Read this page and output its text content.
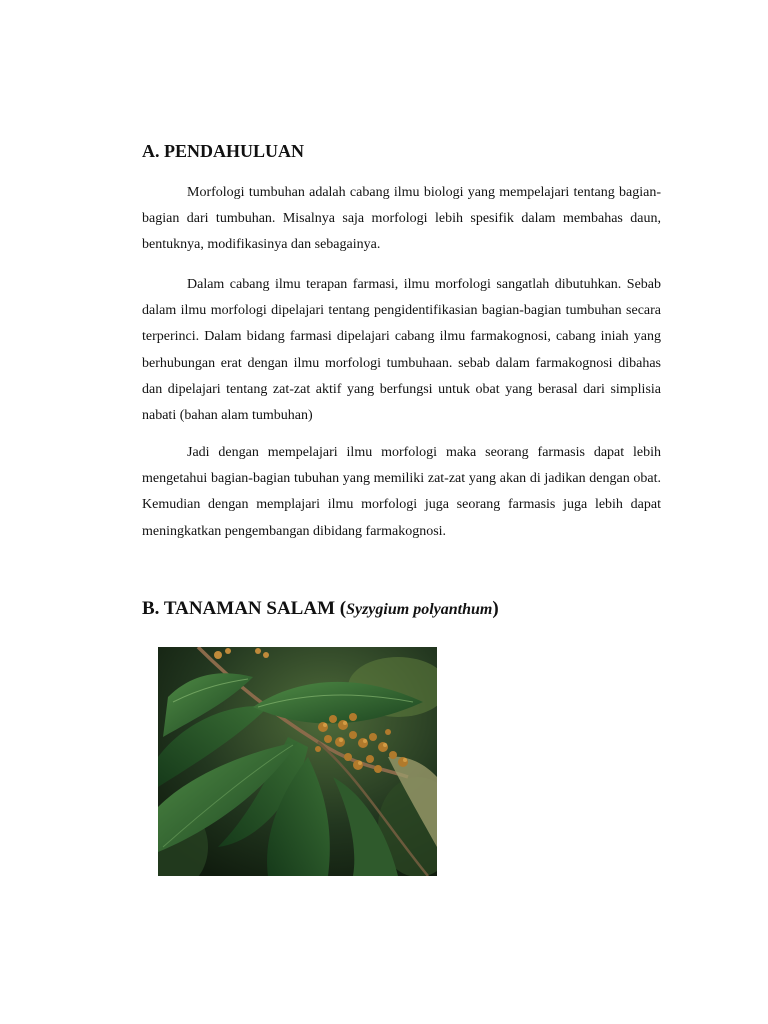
A. PENDAHULUAN

Morfologi tumbuhan adalah cabang ilmu biologi yang mempelajari tentang bagian-bagian dari tumbuhan. Misalnya saja morfologi lebih spesifik dalam membahas daun, bentuknya, modifikasinya dan sebagainya.

Dalam cabang ilmu terapan farmasi, ilmu morfologi sangatlah dibutuhkan. Sebab dalam ilmu morfologi dipelajari tentang pengidentifikasian bagian-bagian tumbuhan secara terperinci. Dalam bidang farmasi dipelajari cabang ilmu farmakognosi, cabang iniah yang berhubungan erat dengan ilmu morfologi tumbuhaan. sebab dalam farmakognosi dibahas dan dipelajari tentang zat-zat aktif yang berfungsi untuk obat yang berasal dari simplisia nabati (bahan alam tumbuhan)

Jadi dengan mempelajari ilmu morfologi maka seorang farmasis dapat lebih mengetahui bagian-bagian tubuhan yang memiliki zat-zat yang akan di jadikan dengan obat. Kemudian dengan memplajari ilmu morfologi juga seorang farmasis juga lebih dapat meningkatkan pengembangan dibidang farmakognosi.

B. TANAMAN SALAM (Syzygium polyanthum)
